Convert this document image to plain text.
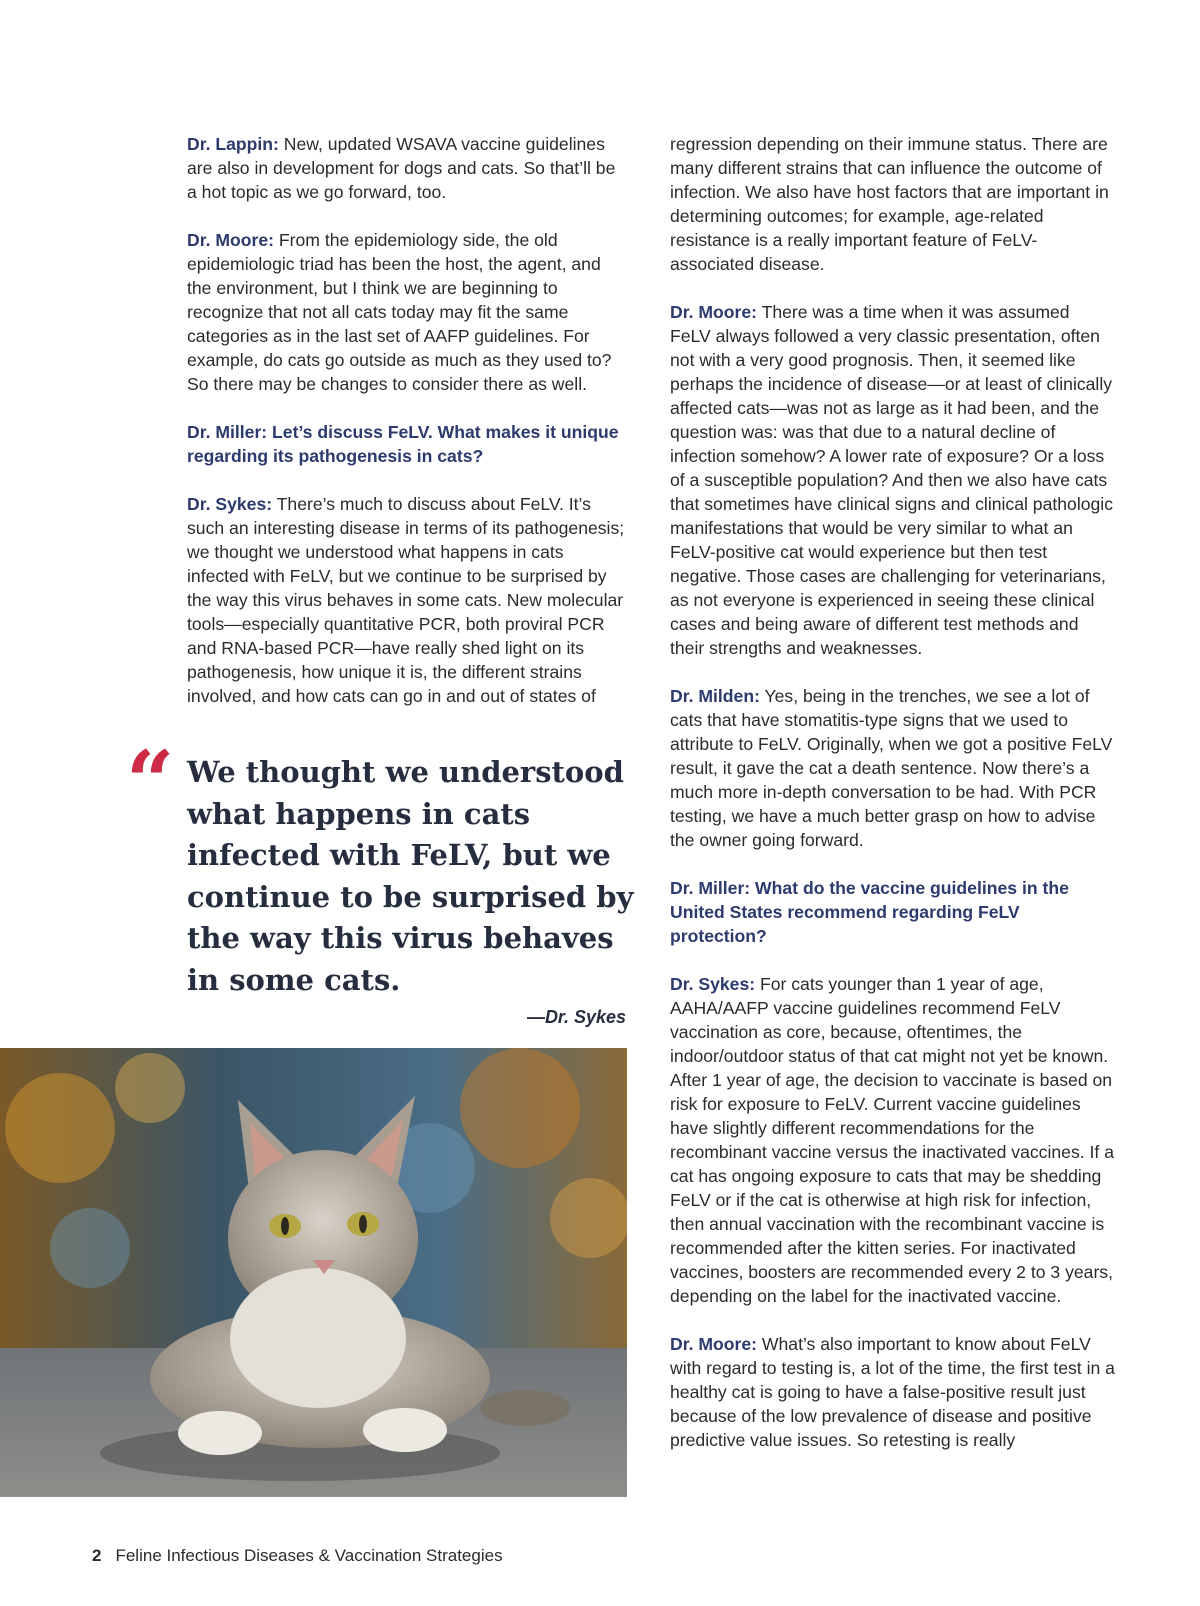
Dr. Lappin: New, updated WSAVA vaccine guidelines are also in development for dogs and cats. So that’ll be a hot topic as we go forward, too.

Dr. Moore: From the epidemiology side, the old epidemiologic triad has been the host, the agent, and the environment, but I think we are beginning to recognize that not all cats today may fit the same categories as in the last set of AAFP guidelines. For example, do cats go outside as much as they used to? So there may be changes to consider there as well.

Dr. Miller: Let’s discuss FeLV. What makes it unique regarding its pathogenesis in cats?

Dr. Sykes: There’s much to discuss about FeLV. It’s such an interesting disease in terms of its pathogenesis; we thought we understood what happens in cats infected with FeLV, but we continue to be surprised by the way this virus behaves in some cats. New molecular tools—especially quantitative PCR, both proviral PCR and RNA-based PCR—have really shed light on its pathogenesis, how unique it is, the different strains involved, and how cats can go in and out of states of

“ We thought we understood what happens in cats infected with FeLV, but we continue to be surprised by the way this virus behaves in some cats.
—Dr. Sykes

regression depending on their immune status. There are many different strains that can influence the outcome of infection. We also have host factors that are important in determining outcomes; for example, age-related resistance is a really important feature of FeLV-associated disease.

Dr. Moore: There was a time when it was assumed FeLV always followed a very classic presentation, often not with a very good prognosis. Then, it seemed like perhaps the incidence of disease—or at least of clinically affected cats—was not as large as it had been, and the question was: was that due to a natural decline of infection somehow? A lower rate of exposure? Or a loss of a susceptible population? And then we also have cats that sometimes have clinical signs and clinical pathologic manifestations that would be very similar to what an FeLV-positive cat would experience but then test negative. Those cases are challenging for veterinarians, as not everyone is experienced in seeing these clinical cases and being aware of different test methods and their strengths and weaknesses.

Dr. Milden: Yes, being in the trenches, we see a lot of cats that have stomatitis-type signs that we used to attribute to FeLV. Originally, when we got a positive FeLV result, it gave the cat a death sentence. Now there’s a much more in-depth conversation to be had. With PCR testing, we have a much better grasp on how to advise the owner going forward.

Dr. Miller: What do the vaccine guidelines in the United States recommend regarding FeLV protection?

Dr. Sykes: For cats younger than 1 year of age, AAHA/AAFP vaccine guidelines recommend FeLV vaccination as core, because, oftentimes, the indoor/outdoor status of that cat might not yet be known. After 1 year of age, the decision to vaccinate is based on risk for exposure to FeLV. Current vaccine guidelines have slightly different recommendations for the recombinant vaccine versus the inactivated vaccines. If a cat has ongoing exposure to cats that may be shedding FeLV or if the cat is otherwise at high risk for infection, then annual vaccination with the recombinant vaccine is recommended after the kitten series. For inactivated vaccines, boosters are recommended every 2 to 3 years, depending on the label for the inactivated vaccine.

Dr. Moore: What’s also important to know about FeLV with regard to testing is, a lot of the time, the first test in a healthy cat is going to have a false-positive result just because of the low prevalence of disease and positive predictive value issues. So retesting is really

2 Feline Infectious Diseases & Vaccination Strategies
